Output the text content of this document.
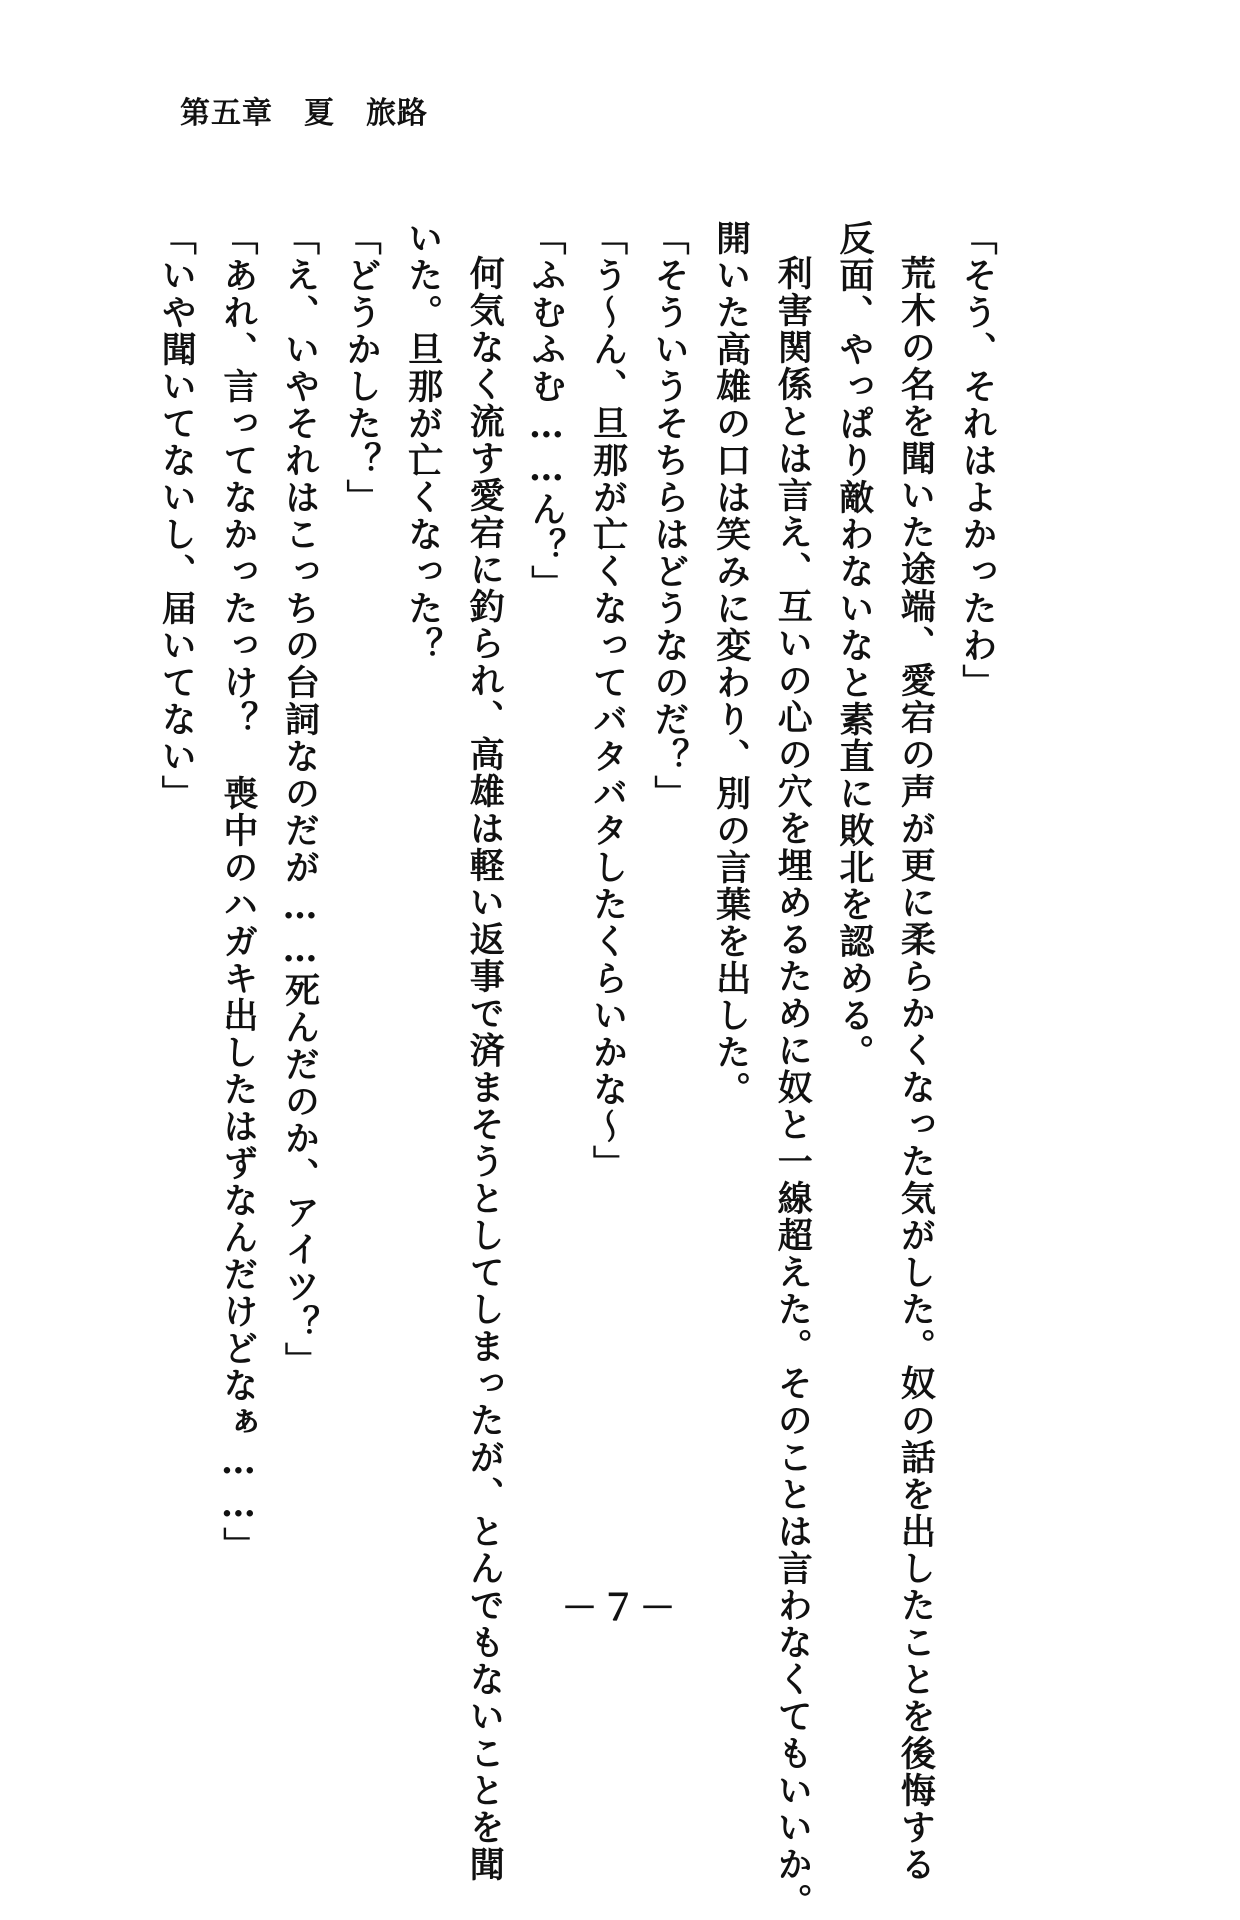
第五章　夏　旅路
「そう、それはよかったわ」
荒木の名を聞いた途端、愛宕の声が更に柔らかくなった気がした。奴の話を出したことを後悔する
反面、やっぱり敵わないなと素直に敗北を認める。
利害関係とは言え、互いの心の穴を埋めるために奴と一線超えた。そのことは言わなくてもいいか。
開いた高雄の口は笑みに変わり、別の言葉を出した。
「そういうそちらはどうなのだ？」
「う～ん、旦那が亡くなってバタバタしたくらいかな～」
「ふむふむ……ん？」
何気なく流す愛宕に釣られ、高雄は軽い返事で済まそうとしてしまったが、とんでもないことを聞
いた。旦那が亡くなった？
「どうかした？」
「え、いやそれはこっちの台詞なのだが……死んだのか、アイツ？」
「あれ、言ってなかったっけ？　喪中のハガキ出したはずなんだけどなぁ……」
「いや聞いてないし、届いてない」
－７－
